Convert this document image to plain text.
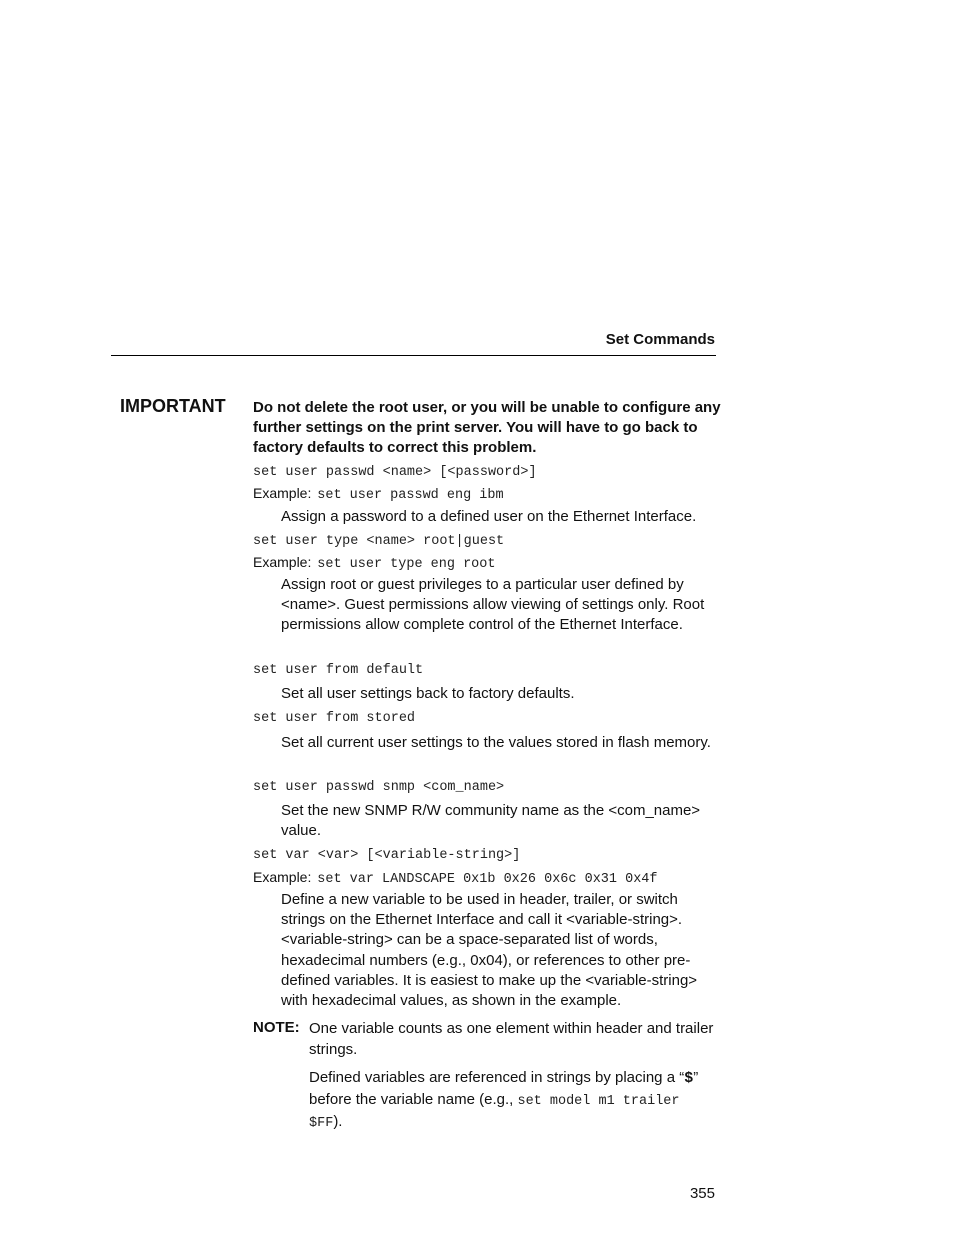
Set Commands
IMPORTANT Do not delete the root user, or you will be unable to configure any further settings on the print server. You will have to go back to factory defaults to correct this problem.
set user passwd <name> [<password>]
Example: set user passwd eng ibm
Assign a password to a defined user on the Ethernet Interface.
set user type <name> root|guest
Example: set user type eng root
Assign root or guest privileges to a particular user defined by <name>. Guest permissions allow viewing of settings only. Root permissions allow complete control of the Ethernet Interface.
set user from default
Set all user settings back to factory defaults.
set user from stored
Set all current user settings to the values stored in flash memory.
set user passwd snmp <com_name>
Set the new SNMP R/W community name as the <com_name> value.
set var <var> [<variable-string>]
Example: set var LANDSCAPE 0x1b 0x26 0x6c 0x31 0x4f
Define a new variable to be used in header, trailer, or switch strings on the Ethernet Interface and call it <variable-string>. <variable-string> can be a space-separated list of words, hexadecimal numbers (e.g., 0x04), or references to other pre-defined variables. It is easiest to make up the <variable-string> with hexadecimal values, as shown in the example.
NOTE: One variable counts as one element within header and trailer strings.
Defined variables are referenced in strings by placing a “$” before the variable name (e.g., set model m1 trailer $FF).
355
